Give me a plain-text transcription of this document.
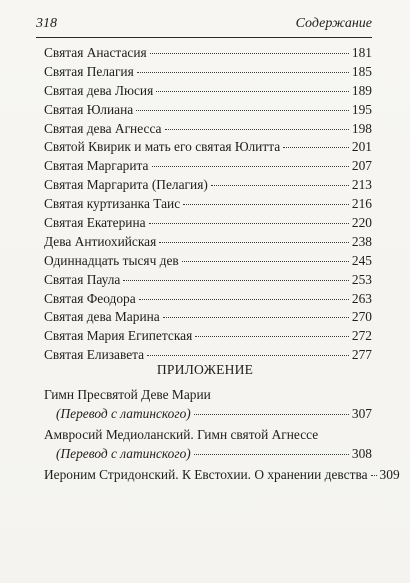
318	Содержание
Святая Анастасия	181
Святая Пелагия	185
Святая дева Люсия	189
Святая Юлиана	195
Святая дева Агнесса	198
Святой Квирик и мать его святая Юлитта	201
Святая Маргарита	207
Святая Маргарита (Пелагия)	213
Святая куртизанка Таис	216
Святая Екатерина	220
Дева Антиохийская	238
Одиннадцать тысяч дев	245
Святая Паула	253
Святая Феодора	263
Святая дева Марина	270
Святая Мария Египетская	272
Святая Елизавета	277
ПРИЛОЖЕНИЕ
Гимн Пресвятой Деве Марии
(Перевод с латинского)	307
Амвросий Медиоланский. Гимн святой Агнессе
(Перевод с латинского)	308
Иероним Стридонский. К Евстохии. О хранении девства 309
